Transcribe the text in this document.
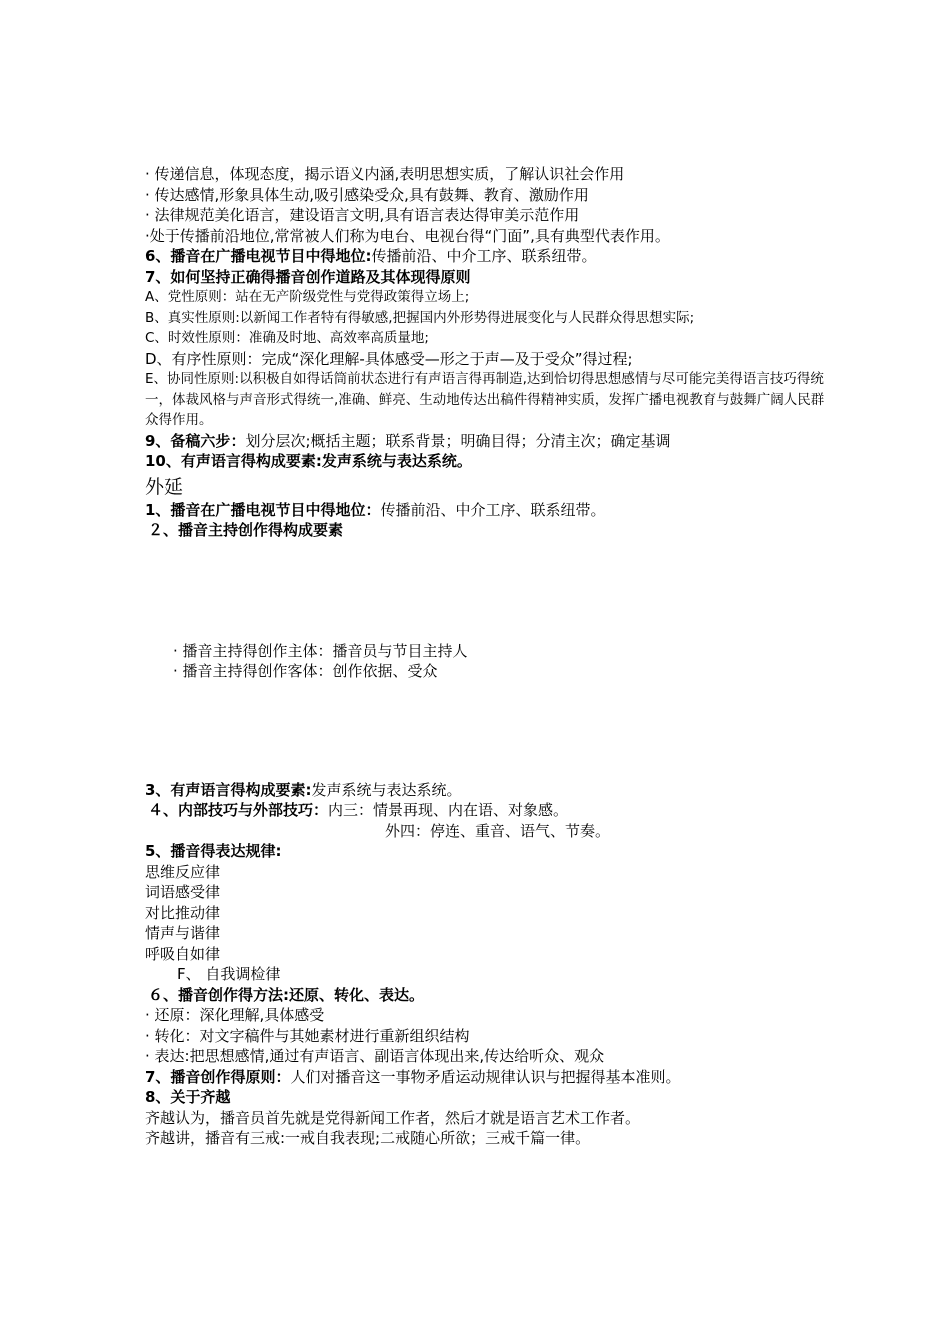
· 传递信息，体现态度，揭示语义内涵,表明思想实质，了解认识社会作用
· 传达感情,形象具体生动,吸引感染受众,具有鼓舞、教育、激励作用
· 法律规范美化语言，建设语言文明,具有语言表达得审美示范作用
·处于传播前沿地位,常常被人们称为电台、电视台得“门面”,具有典型代表作用。
6、播音在广播电视节目中得地位:传播前沿、中介工序、联系纽带。
7、如何坚持正确得播音创作道路及其体现得原则
A、党性原则：站在无产阶级党性与党得政策得立场上;
B、真实性原则:以新闻工作者特有得敏感,把握国内外形势得进展变化与人民群众得思想实际;
C、时效性原则：准确及时地、高效率高质量地;
D、有序性原则：完成“深化理解-具体感受—形之于声—及于受众”得过程;
E、协同性原则:以积极自如得话筒前状态进行有声语言得再制造,达到恰切得思想感情与尽可能完美得语言技巧得统一，体裁风格与声音形式得统一,准确、鲜亮、生动地传达出稿件得精神实质，发挥广播电视教育与鼓舞广阔人民群众得作用。
9、备稿六步：划分层次;概括主题；联系背景；明确目得；分清主次；确定基调
10、有声语言得构成要素:发声系统与表达系统。
外延
1、播音在广播电视节目中得地位：传播前沿、中介工序、联系纽带。
２、播音主持创作得构成要素
· 播音主持得创作主体：播音员与节目主持人
· 播音主持得创作客体：创作依据、受众
3、有声语言得构成要素:发声系统与表达系统。
４、内部技巧与外部技巧：内三：情景再现、内在语、对象感。
外四：停连、重音、语气、节奏。
5、播音得表达规律:
思维反应律
词语感受律
对比推动律
情声与谐律
呼吸自如律
F、 自我调检律
６、播音创作得方法:还原、转化、表达。
· 还原：深化理解,具体感受
· 转化：对文字稿件与其她素材进行重新组织结构
· 表达:把思想感情,通过有声语言、副语言体现出来,传达给听众、观众
7、播音创作得原则：人们对播音这一事物矛盾运动规律认识与把握得基本准则。
8、关于齐越
齐越认为，播音员首先就是党得新闻工作者，然后才就是语言艺术工作者。
齐越讲，播音有三戒:一戒自我表现;二戒随心所欲；三戒千篇一律。
